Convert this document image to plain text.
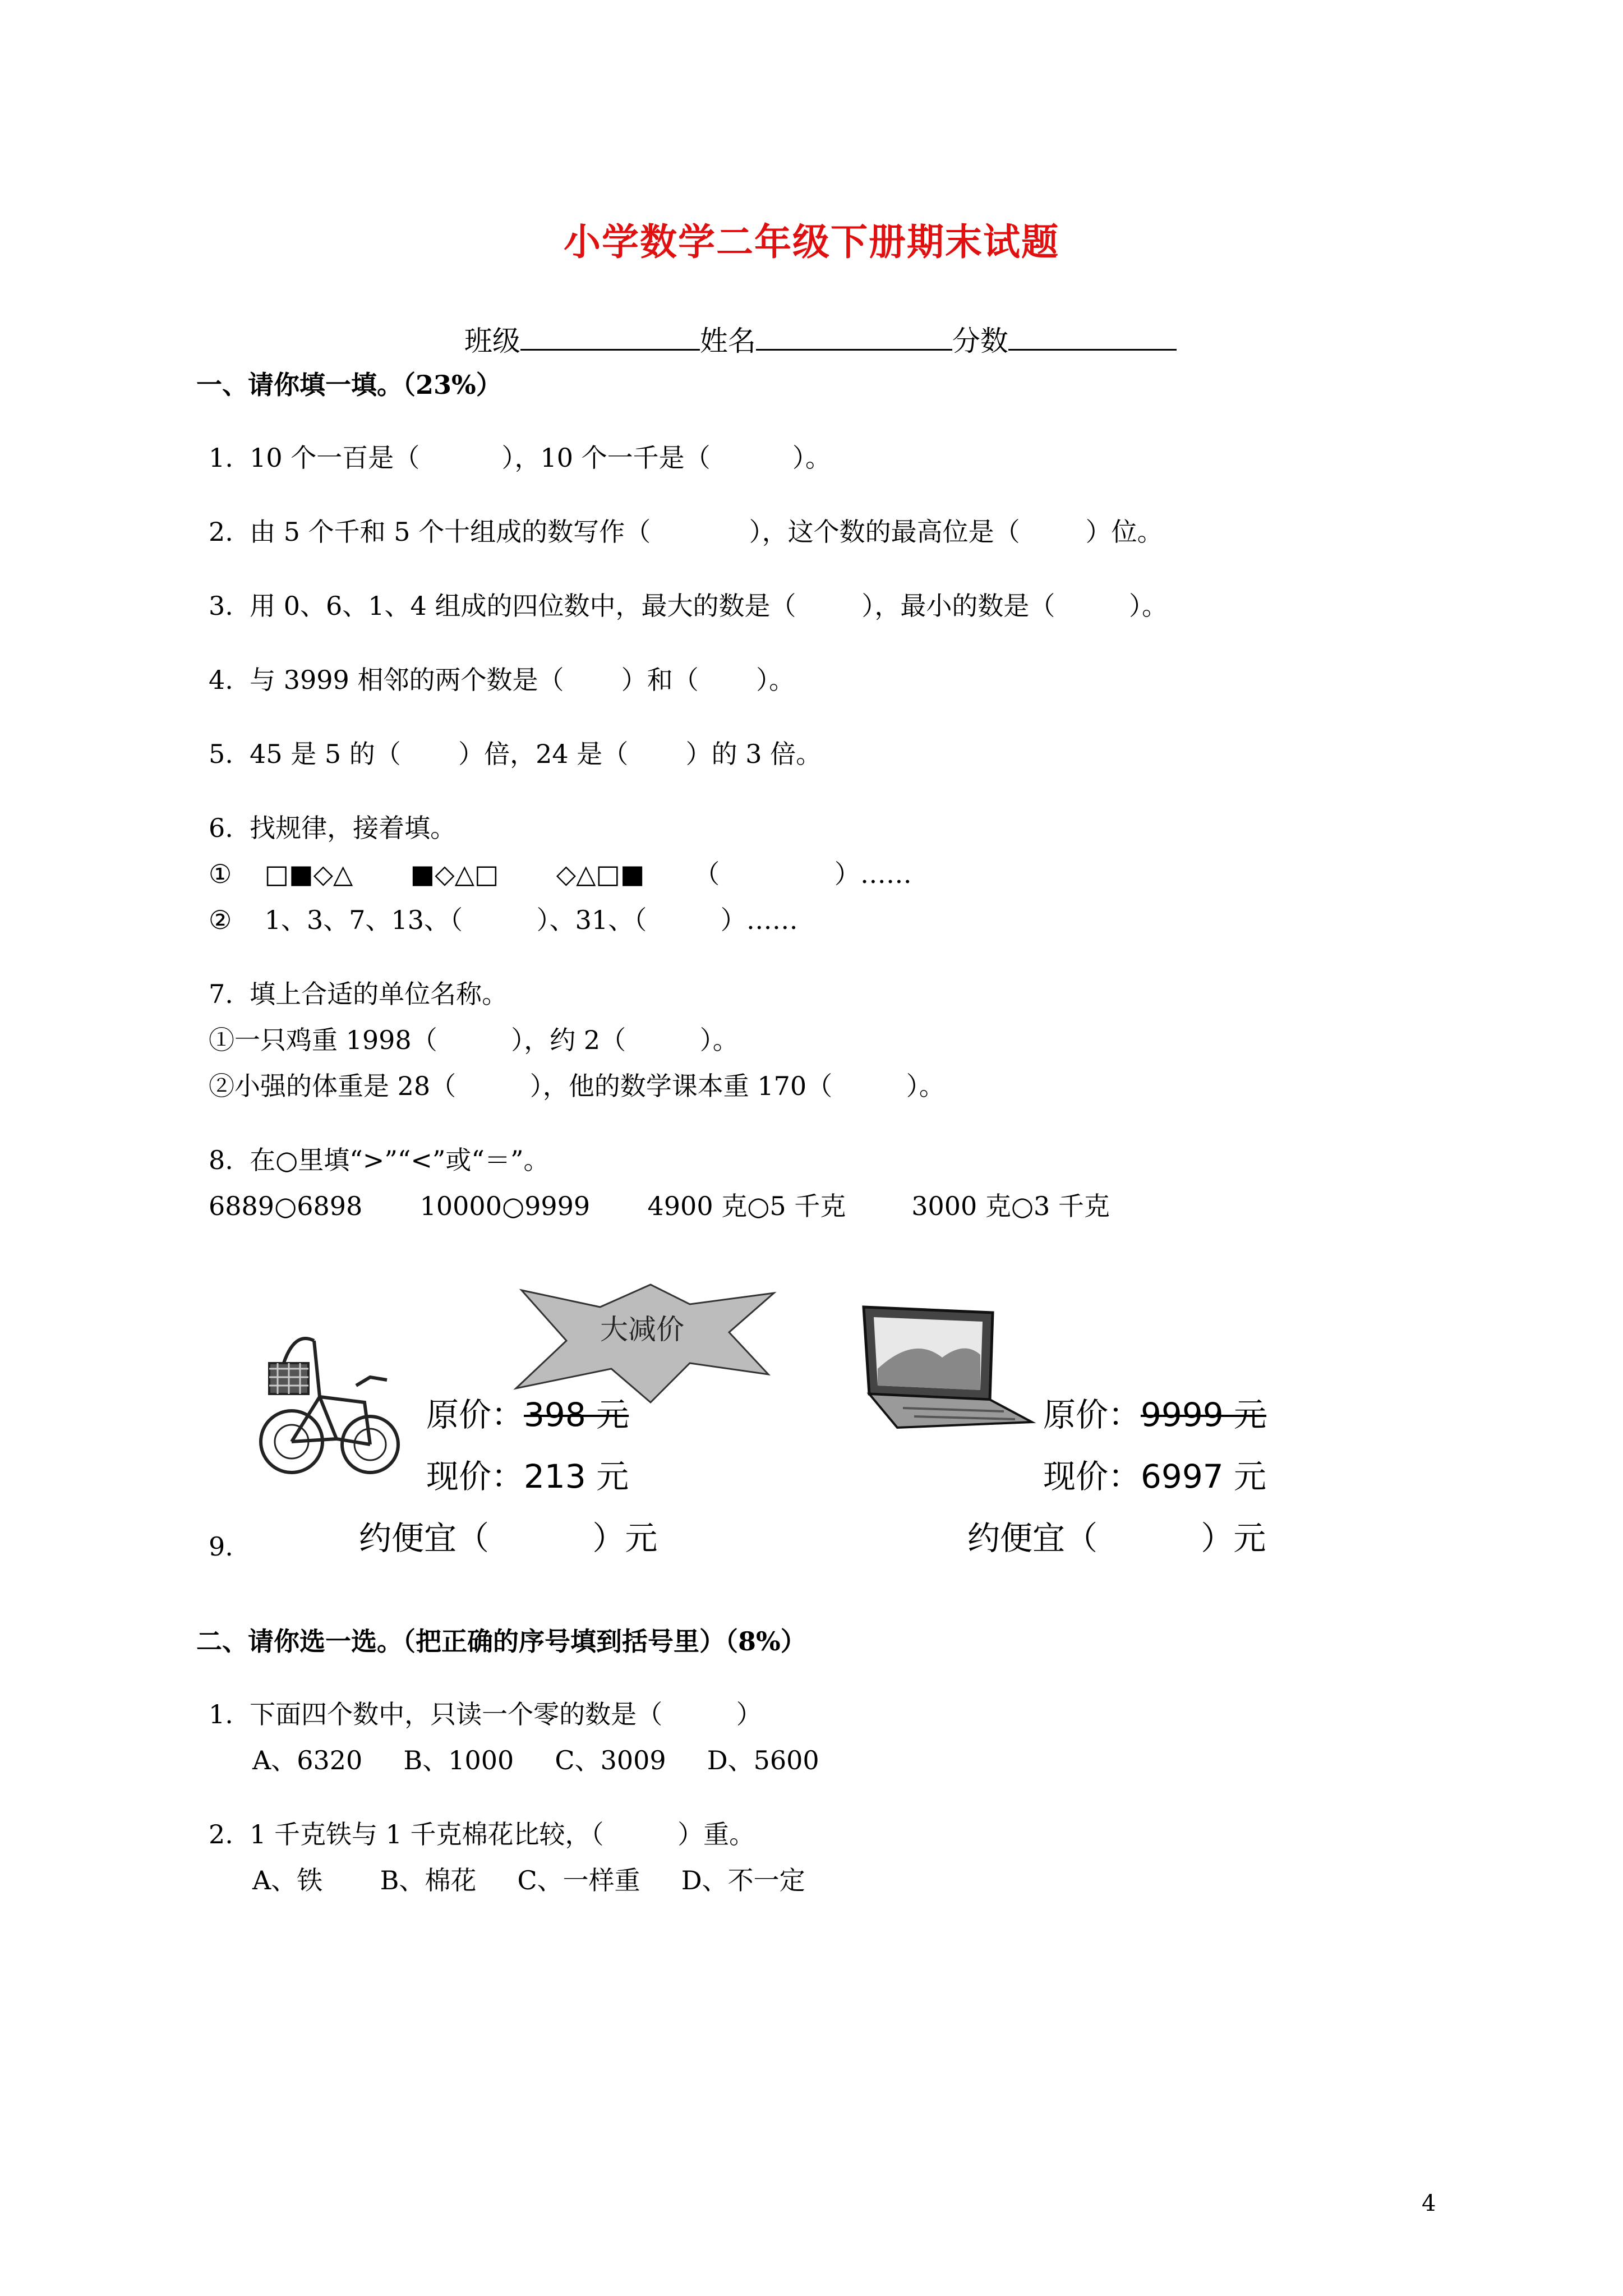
小学数学二年级下册期末试题

班级	姓名	分数

一、请你填一填。（23%）
1.  10 个一百是（          ），10 个一千是（          ）。
2.  由 5 个千和 5 个十组成的数写作（            ），这个数的最高位是（        ）位。
3.  用 0、6、1、4 组成的四位数中，最大的数是（        ），最小的数是（         ）。
4.  与 3999 相邻的两个数是（       ）和（       ）。
5.  45 是 5 的（       ）倍，24 是（       ）的 3 倍。
6.  找规律，接着填。
①    □■◇△       ■◇△□       ◇△□■      （              ）……
②    1、3、7、13、（         ）、31、（         ）……
7.  填上合适的单位名称。
①一只鸡重 1998（         ），约 2（         ）。
②小强的体重是 28（         ），他的数学课本重 170（         ）。
8.  在○里填“>”“<”或“＝”。
6889○6898       10000○9999       4900 克○5 千克        3000 克○3 千克
大减价
原价：398 元
现价：213 元
约便宜（          ）元
原价：9999 元
现价：6997 元
约便宜（          ）元
9.
二、请你选一选。（把正确的序号填到括号里）（8%）
1.  下面四个数中，只读一个零的数是（         ）
A、6320     B、1000     C、3009     D、5600
2.  1 千克铁与 1 千克棉花比较，（         ）重。
A、铁       B、棉花     C、一样重     D、不一定
4
